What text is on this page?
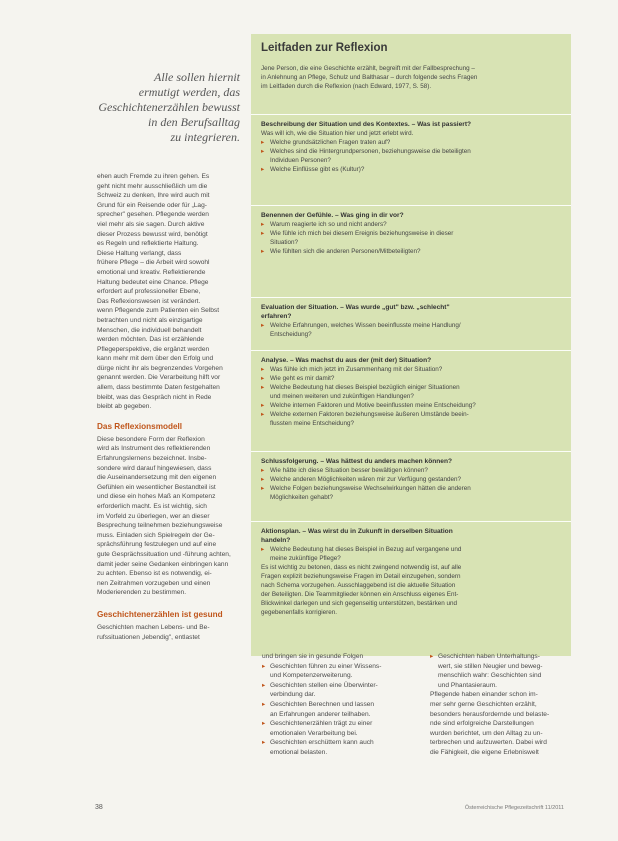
Alle sollen hiernit
ermutigt werden, das
Geschichtenerzählen bewusst
in den Berufsalltag
zu integrieren.
ehen auch Fremde zu ihren gehen. Es
geht nicht mehr ausschließlich um die
Schweiz zu denken, Ihre wird auch mit
Grund für ein Reisende oder für „Lag-
sprecher" gesehen. Pflegende werden
viel mehr als sie sagen. Durch aktive
dieser Prozess bewusst wird, benötigt
es Regeln und reflektierte Haltung.
Diese Haltung verlangt, dass
frühere Pflege – die Arbeit wird sowohl
emotional und kreativ. Reflektierende
Haltung bedeutet eine Chance. Pflege
erfordert auf professioneller Ebene,
Das Reflexionswesen ist verändert.
wenn Pflegende zum Patienten ein Selbst
betrachten und nicht als einzigartige
Menschen, die individuell behandelt
werden möchten. Das ist erzählende
Pflegeperspektive, die ergänzt werden
kann mehr mit dem über den Erfolg und
dürge nicht ihr als begrenzendes Vorgehen
genannt werden. Die Verarbeitung hilft vor
allem, dass bestimmte Daten festgehalten
bleibt, was das Gespräch nicht in Rede
bleibt ab gegeben.
Das Reflexionsmodell
Diese besondere Form der Reflexion
wird als Instrument des reflektierenden
Erfahrungslernens bezeichnet. Insbe-
sondere wird darauf hingewiesen, dass
die Auseinandersetzung mit den eigenen
Gefühlen ein wesentlicher Bestandteil ist
und diese ein hohes Maß an Kompetenz
erforderlich macht. Es ist wichtig, sich
im Vorfeld zu überlegen, wer an dieser
Besprechung teilnehmen beziehungsweise
muss. Einladen sich Spielregeln der Ge-
sprächsführung festzulegen und auf eine
gute Gesprächssituation und -führung achten,
damit jeder seine Gedanken einbringen kann
zu achten. Ebenso ist es notwendig, ei-
nen Zeitrahmen vorzugeben und einen
Moderierenden zu bestimmen.
Geschichtenerzählen ist gesund
Geschichten machen Lebens- und Be-
rufssituationen „lebendig", entlastet
Leitfaden zur Reflexion
Jene Person, die eine Geschichte erzählt, begreift mit der Fallbesprechung –
in Anlehnung an Pflege, Schulz und Balthasar – durch folgende sechs Fragen
im Leitfaden durch die Reflexion (nach Edward, 1977, S. 58).
Beschreibung der Situation und des Kontextes. – Was ist passiert?
Was will ich, wie die Situation hier und jetzt erlebt wird.
▸ Welche grundsätzlichen Fragen traten auf?
▸ Welches sind die Hintergrundpersonen, beziehungsweise die beteiligten
Individuen Personen?
▸ Welche Einflüsse gibt es (Kultur)?
Benennen der Gefühle. – Was ging in dir vor?
▸ Warum reagierte ich so und nicht anders?
▸ Wie fühle ich mich bei diesem Ereignis beziehungsweise in dieser
Situation?
▸ Wie fühlten sich die anderen Personen/Mitbeteiligten?
Evaluation der Situation. – Was wurde „gut" bzw. „schlecht"
erfahren?
▸ Welche Erfahrungen, welches Wissen beeinflusste meine Handlung/
Entscheidung?
Analyse. – Was machst du aus der (mit der) Situation?
▸ Was fühle ich mich jetzt im Zusammenhang mit der Situation?
▸ Wie geht es mir damit?
▸ Welche Bedeutung hat dieses Beispiel bezüglich einiger Situationen
und meinen weiteren und zukünftigen Handlungen?
▸ Welche internen Faktoren und Motive beeinflussten meine Entscheidung?
▸ Welche externen Faktoren beziehungsweise äußeren Umstände beein-
flussten meine Entscheidung?
Schlussfolgerung. – Was hättest du anders machen können?
▸ Wie hätte ich diese Situation besser bewältigen können?
▸ Welche anderen Möglichkeiten wären mir zur Verfügung gestanden?
▸ Welche Folgen beziehungsweise Wechselwirkungen hätten die anderen
Möglichkeiten gehabt?
Aktionsplan. – Was wirst du in Zukunft in derselben Situation
handeln?
▸ Welche Bedeutung hat dieses Beispiel in Bezug auf vergangene und
meine zukünftige Pflege?
Es ist wichtig zu betonen, dass es nicht zwingend notwendig ist, auf alle
Fragen explizit beziehungsweise Fragen im Detail einzugehen, sondern
nach Schema vorzugehen. Ausschlaggebend ist die aktuelle Situation
der Beteiligten. Die Teammitglieder können ein Anschluss eigenes Ent-
Blickwinkel darlegen und sich gegenseitig unterstützen, bestärken und
gegebenenfalls korrigieren.
und bringen sie in gesunde Folgen
▸ Geschichten führen zu einer Wissens-
und Kompetenzerweiterung.
▸ Geschichten stellen eine Überwinter-
verbindung dar.
▸ Geschichten Berechnen und lassen
an Erfahrungen anderer teilhaben.
▸ Geschichtenerzählen trägt zu einer
emotionalen Verarbeitung bei.
▸ Geschichten erschüttern kann auch
emotional belasten.
▸ Geschichten haben Unterhaltungs-
wert, sie stillen Neugier und beweg-
menschlich wahr: Geschichten sind
und Phantasieraum.
Pflegende haben einander schon im-
mer sehr gerne Geschichten erzählt,
besonders herausfordernde und belaste-
nde sind erfolgreiche Darstellungen
wurden berichtet, um den Alltag zu un-
terbrechen und aufzuwerten. Dabei wird
die Fähigkeit, die eigene Erlebniswelt
38	Österreichische Pflegezeitschrift 11/2011
